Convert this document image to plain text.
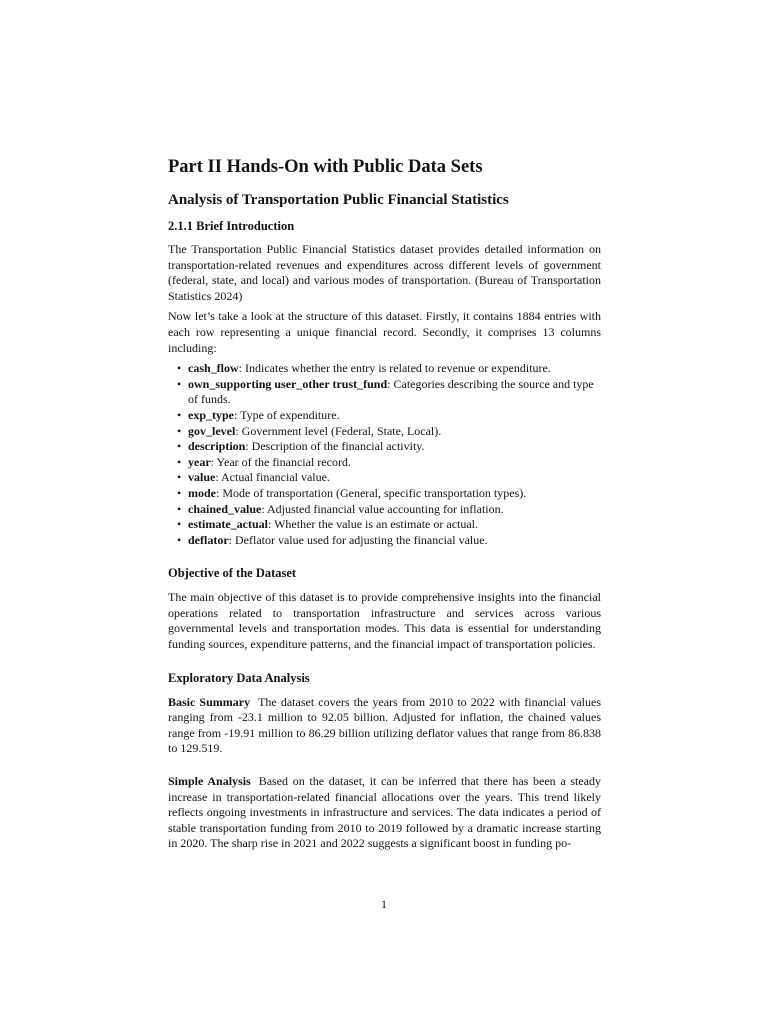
Part II Hands-On with Public Data Sets
Analysis of Transportation Public Financial Statistics
2.1.1 Brief Introduction

The Transportation Public Financial Statistics dataset provides detailed information on transportation-related revenues and expenditures across different levels of government (federal, state, and local) and various modes of transportation. (Bureau of Transportation Statistics 2024)

Now let’s take a look at the structure of this dataset. Firstly, it contains 1884 entries with each row representing a unique financial record. Secondly, it comprises 13 columns including:

• cash_flow: Indicates whether the entry is related to revenue or expenditure.
• own_supporting user_other trust_fund: Categories describing the source and type of funds.
• exp_type: Type of expenditure.
• gov_level: Government level (Federal, State, Local).
• description: Description of the financial activity.
• year: Year of the financial record.
• value: Actual financial value.
• mode: Mode of transportation (General, specific transportation types).
• chained_value: Adjusted financial value accounting for inflation.
• estimate_actual: Whether the value is an estimate or actual.
• deflator: Deflator value used for adjusting the financial value.
Objective of the Dataset

The main objective of this dataset is to provide comprehensive insights into the financial operations related to transportation infrastructure and services across various governmental levels and transportation modes. This data is essential for understanding funding sources, expenditure patterns, and the financial impact of transportation policies.

Exploratory Data Analysis

Basic Summary The dataset covers the years from 2010 to 2022 with financial values ranging from -23.1 million to 92.05 billion. Adjusted for inflation, the chained values range from -19.91 million to 86.29 billion utilizing deflator values that range from 86.838 to 129.519.

Simple Analysis Based on the dataset, it can be inferred that there has been a steady increase in transportation-related financial allocations over the years. This trend likely reflects ongoing investments in infrastructure and services. The data indicates a period of stable transportation funding from 2010 to 2019 followed by a dramatic increase starting in 2020. The sharp rise in 2021 and 2022 suggests a significant boost in funding po-

1
